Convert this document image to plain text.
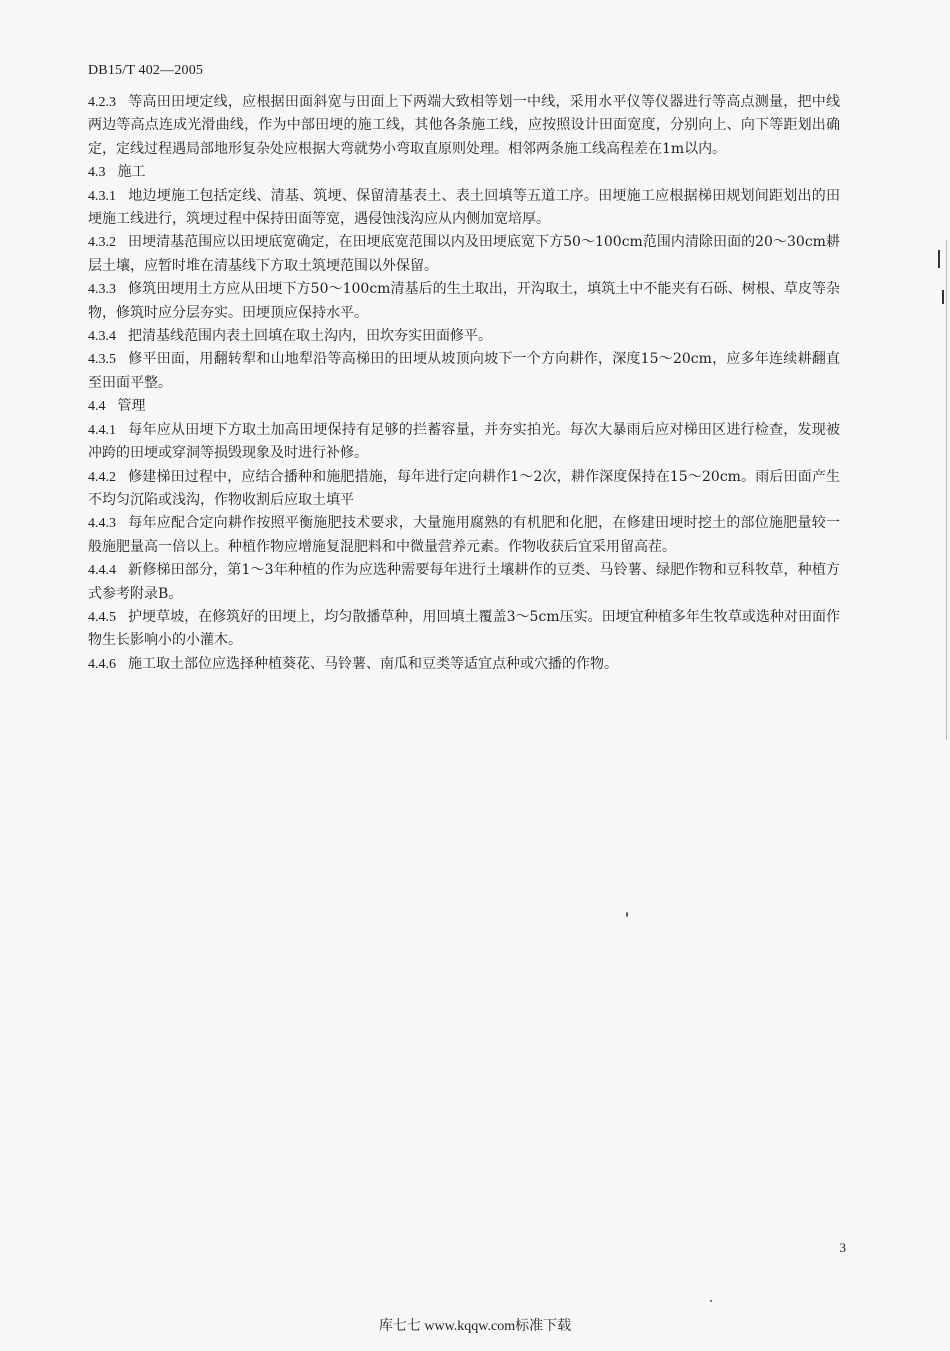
DB15/T 402—2005
4.2.3 等高田田埂定线，应根据田面斜宽与田面上下两端大致相等划一中线，采用水平仪等仪器进行等高点测量，把中线两边等高点连成光滑曲线，作为中部田埂的施工线，其他各条施工线，应按照设计田面宽度，分别向上、向下等距划出确定，定线过程遇局部地形复杂处应根据大弯就势小弯取直原则处理。相邻两条施工线高程差在1m以内。
4.3 施工
4.3.1 地边埂施工包括定线、清基、筑埂、保留清基表土、表土回填等五道工序。田埂施工应根据梯田规划间距划出的田埂施工线进行，筑埂过程中保持田面等宽，遇侵蚀浅沟应从内侧加宽培厚。
4.3.2 田埂清基范围应以田埂底宽确定，在田埂底宽范围以内及田埂底宽下方50～100cm范围内清除田面的20～30cm耕层土壤，应暂时堆在清基线下方取土筑埂范围以外保留。
4.3.3 修筑田埂用土方应从田埂下方50～100cm清基后的生土取出，开沟取土，填筑土中不能夹有石砾、树根、草皮等杂物，修筑时应分层夯实。田埂顶应保持水平。
4.3.4 把清基线范围内表土回填在取土沟内，田坎夯实田面修平。
4.3.5 修平田面，用翻转犁和山地犁沿等高梯田的田埂从坡顶向坡下一个方向耕作，深度15～20cm，应多年连续耕翻直至田面平整。
4.4 管理
4.4.1 每年应从田埂下方取土加高田埂保持有足够的拦蓄容量，并夯实拍光。每次大暴雨后应对梯田区进行检查，发现被冲跨的田埂或穿洞等损毁现象及时进行补修。
4.4.2 修建梯田过程中，应结合播种和施肥措施，每年进行定向耕作1～2次，耕作深度保持在15～20cm。雨后田面产生不均匀沉陷或浅沟，作物收割后应取土填平
4.4.3 每年应配合定向耕作按照平衡施肥技术要求，大量施用腐熟的有机肥和化肥，在修建田埂时挖土的部位施肥量较一般施肥量高一倍以上。种植作物应增施复混肥料和中微量营养元素。作物收获后宜采用留高茬。
4.4.4 新修梯田部分，第1～3年种植的作为应选种需要每年进行土壤耕作的豆类、马铃薯、绿肥作物和豆科牧草，种植方式参考附录B。
4.4.5 护埂草坡，在修筑好的田埂上，均匀散播草种，用回填土覆盖3～5cm压实。田埂宜种植多年生牧草或选种对田面作物生长影响小的小灌木。
4.4.6 施工取土部位应选择种植葵花、马铃薯、南瓜和豆类等适宜点种或穴播的作物。
3
库七七 www.kqqw.com标准下载
